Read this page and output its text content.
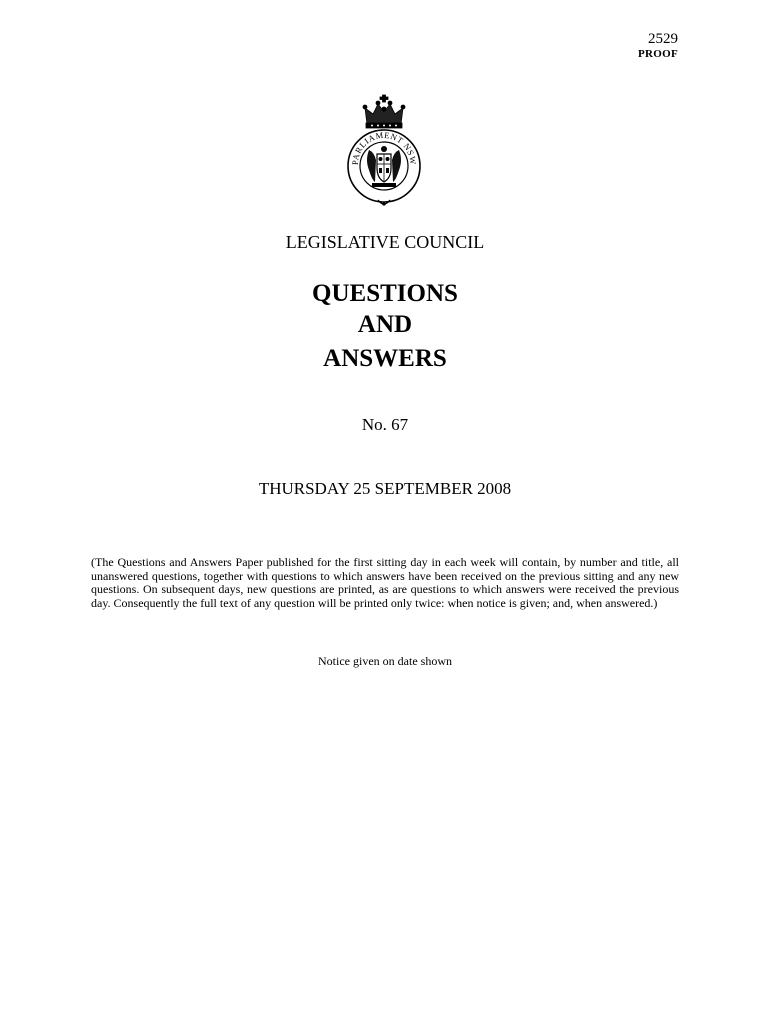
2529
PROOF
PARLIAMENT NSW
LEGISLATIVE COUNCIL
QUESTIONS
AND
ANSWERS
No. 67
THURSDAY 25 SEPTEMBER 2008
(The Questions and Answers Paper published for the first sitting day in each week will contain, by number and title, all unanswered questions, together with questions to which answers have been received on the previous sitting and any new questions. On subsequent days, new questions are printed, as are questions to which answers were received the previous day. Consequently the full text of any question will be printed only twice: when notice is given; and, when answered.)
Notice given on date shown
